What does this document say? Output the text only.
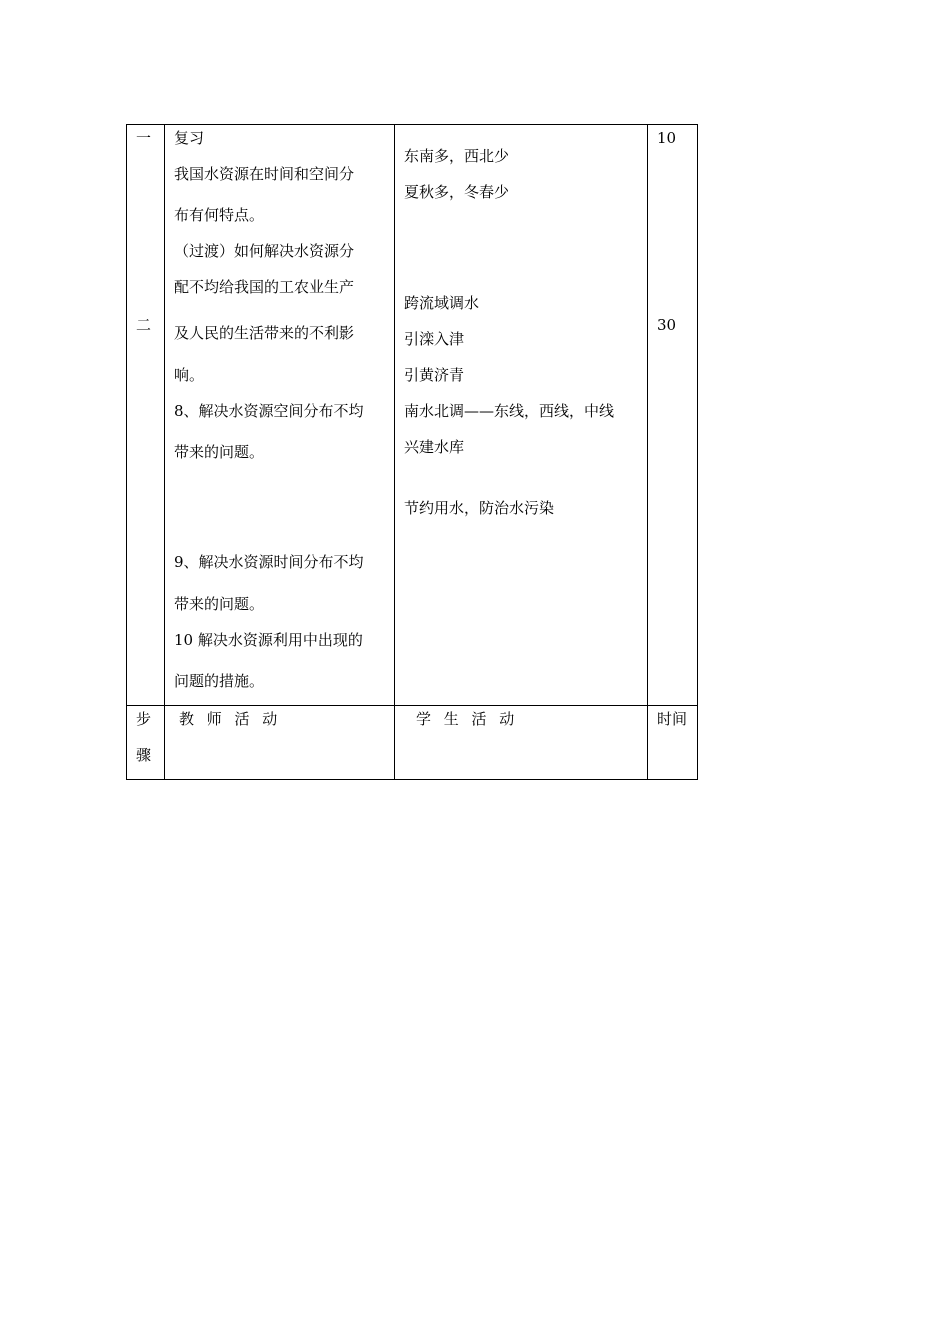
一
二
复习
我国水资源在时间和空间分
布有何特点。
（过渡）如何解决水资源分
配不均给我国的工农业生产
及人民的生活带来的不利影
响。
8、解决水资源空间分布不均
带来的问题。
9、解决水资源时间分布不均
带来的问题。
10 解决水资源利用中出现的
问题的措施。
东南多，西北少
夏秋多，冬春少
跨流域调水
引滦入津
引黄济青
南水北调——东线，西线，中线
兴建水库
节约用水，防治水污染
10
30
步
骤
教 师 活 动	学 生 活 动	时间
